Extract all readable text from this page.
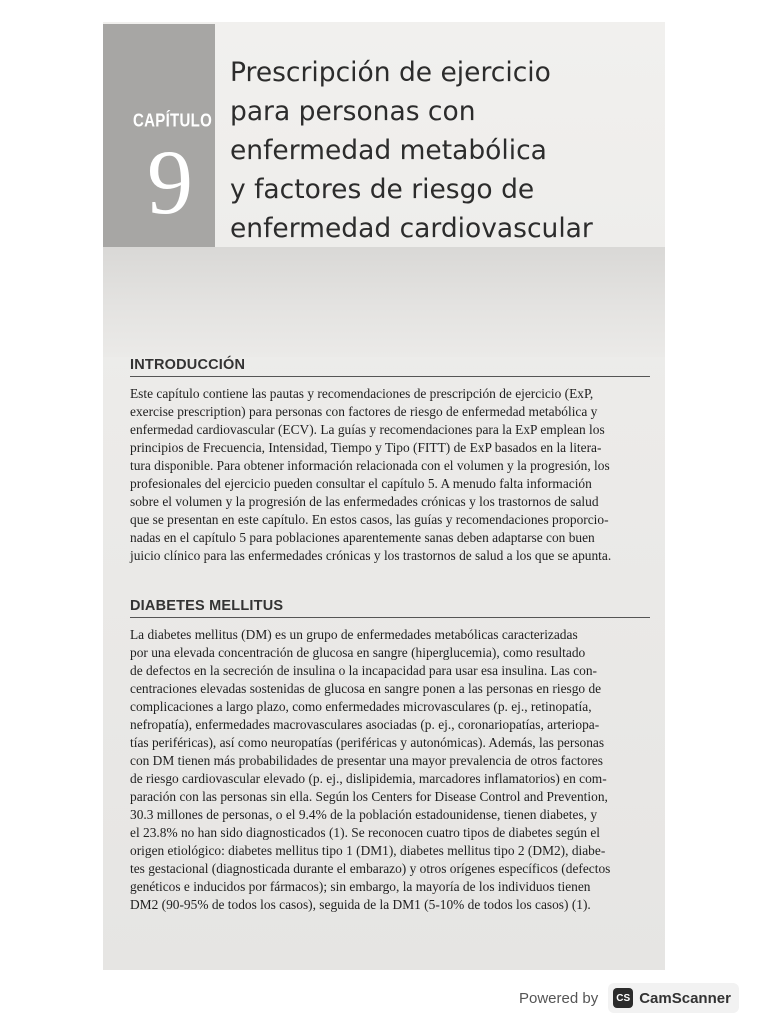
CAPÍTULO
9
Prescripción de ejercicio
para personas con
enfermedad metabólica
y factores de riesgo de
enfermedad cardiovascular
INTRODUCCIÓN
Este capítulo contiene las pautas y recomendaciones de prescripción de ejercicio (ExP,
exercise prescription) para personas con factores de riesgo de enfermedad metabólica y
enfermedad cardiovascular (ECV). La guías y recomendaciones para la ExP emplean los
principios de Frecuencia, Intensidad, Tiempo y Tipo (FITT) de ExP basados en la litera-
tura disponible. Para obtener información relacionada con el volumen y la progresión, los
profesionales del ejercicio pueden consultar el capítulo 5. A menudo falta información
sobre el volumen y la progresión de las enfermedades crónicas y los trastornos de salud
que se presentan en este capítulo. En estos casos, las guías y recomendaciones proporcio-
nadas en el capítulo 5 para poblaciones aparentemente sanas deben adaptarse con buen
juicio clínico para las enfermedades crónicas y los trastornos de salud a los que se apunta.
DIABETES MELLITUS
La diabetes mellitus (DM) es un grupo de enfermedades metabólicas caracterizadas
por una elevada concentración de glucosa en sangre (hiperglucemia), como resultado
de defectos en la secreción de insulina o la incapacidad para usar esa insulina. Las con-
centraciones elevadas sostenidas de glucosa en sangre ponen a las personas en riesgo de
complicaciones a largo plazo, como enfermedades microvasculares (p. ej., retinopatía,
nefropatía), enfermedades macrovasculares asociadas (p. ej., coronariopatías, arteriopa-
tías periféricas), así como neuropatías (periféricas y autonómicas). Además, las personas
con DM tienen más probabilidades de presentar una mayor prevalencia de otros factores
de riesgo cardiovascular elevado (p. ej., dislipidemia, marcadores inflamatorios) en com-
paración con las personas sin ella. Según los Centers for Disease Control and Prevention,
30.3 millones de personas, o el 9.4% de la población estadounidense, tienen diabetes, y
el 23.8% no han sido diagnosticados (1). Se reconocen cuatro tipos de diabetes según el
origen etiológico: diabetes mellitus tipo 1 (DM1), diabetes mellitus tipo 2 (DM2), diabe-
tes gestacional (diagnosticada durante el embarazo) y otros orígenes específicos (defectos
genéticos e inducidos por fármacos); sin embargo, la mayoría de los individuos tienen
DM2 (90-95% de todos los casos), seguida de la DM1 (5-10% de todos los casos) (1).
Powered by	CS CamScanner
